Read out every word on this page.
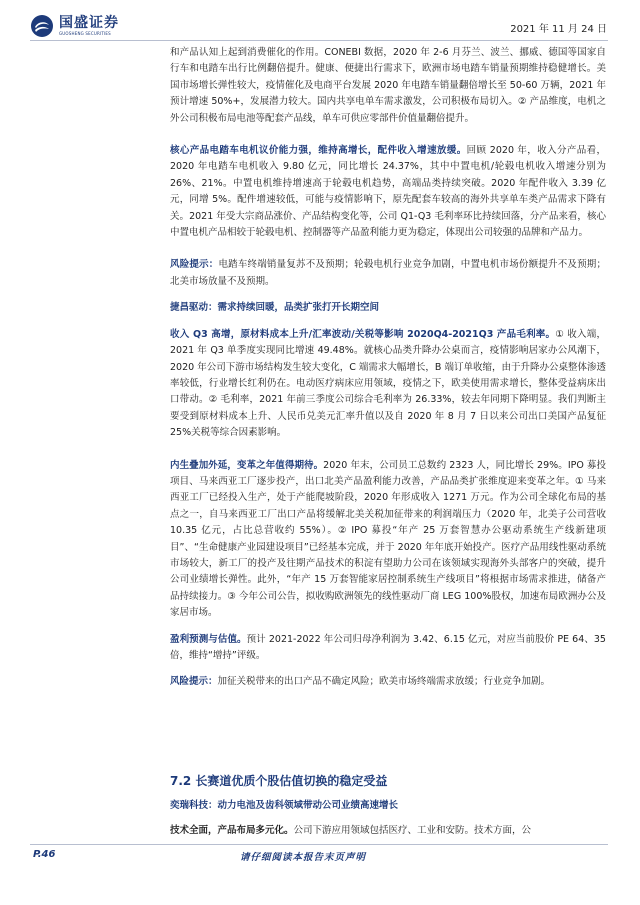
国盛证券
GUOSHENG SECURITIES	2021 年 11 月 24 日

和产品认知上起到消费催化的作用。CONEBI 数据，2020 年 2-6 月芬兰、波兰、挪威、德国等国家自行车和电踏车出行比例翻倍提升。健康、便捷出行需求下，欧洲市场电踏车销量预期维持稳健增长。美国市场增长弹性较大，疫情催化及电商平台发展 2020 年电踏车销量翻倍增长至 50-60 万辆，2021 年预计增速 50%+，发展潜力较大。国内共享电单车需求激发，公司积极布局切入。② 产品维度，电机之外公司积极布局电池等配套产品线，单车可供应零部件价值量翻倍提升。

核心产品电踏车电机议价能力强，维持高增长，配件收入增速放缓。回顾 2020 年，收入分产品看，2020 年电踏车电机收入 9.80 亿元，同比增长 24.37%，其中中置电机/轮毂电机收入增速分别为 26%、21%。中置电机维持增速高于轮毂电机趋势，高端品类持续突破。2020 年配件收入 3.39 亿元，同增 5%。配件增速较低，可能与疫情影响下，原先配套车较高的海外共享单车类产品需求下降有关。2021 年受大宗商品涨价、产品结构变化等，公司 Q1-Q3 毛利率环比持续回落，分产品来看，核心中置电机产品相较于轮毂电机、控制器等产品盈利能力更为稳定，体现出公司较强的品牌和产品力。

风险提示：电踏车终端销量复苏不及预期；轮毂电机行业竞争加剧，中置电机市场份额提升不及预期；北美市场放量不及预期。

捷昌驱动：需求持续回暖，品类扩张打开长期空间

收入 Q3 高增，原材料成本上升/汇率波动/关税等影响 2020Q4-2021Q3 产品毛利率。① 收入端，2021 年 Q3 单季度实现同比增速 49.48%。就核心品类升降办公桌而言，疫情影响居家办公风潮下，2020 年公司下游市场结构发生较大变化，C 端需求大幅增长，B 端订单收缩，由于升降办公桌整体渗透率较低，行业增长红利仍在。电动医疗病床应用领域，疫情之下，欧美使用需求增长，整体受益病床出口带动。② 毛利率，2021 年前三季度公司综合毛利率为 26.33%，较去年同期下降明显。我们判断主要受到原材料成本上升、人民币兑美元汇率升值以及自 2020 年 8 月 7 日以来公司出口美国产品复征 25%关税等综合因素影响。

内生叠加外延，变革之年值得期待。2020 年末，公司员工总数约 2323 人，同比增长 29%。IPO 募投项目、马来西亚工厂逐步投产，出口北美产品盈利能力改善，产品品类扩张维度迎来变革之年。① 马来西亚工厂已经投入生产，处于产能爬坡阶段，2020 年形成收入 1271 万元。作为公司全球化布局的基点之一，自马来西亚工厂出口产品将缓解北美关税加征带来的利润端压力（2020 年，北美子公司营收 10.35 亿元，占比总营收约 55%）。② IPO 募投“年产 25 万套智慧办公驱动系统生产线新建项目”、“生命健康产业园建设项目”已经基本完成，并于 2020 年年底开始投产。医疗产品用线性驱动系统市场较大，新工厂的投产及往期产品技术的积淀有望助力公司在该领域实现海外头部客户的突破，提升公司业绩增长弹性。此外，“年产 15 万套智能家居控制系统生产线项目”将根据市场需求推进，储备产品持续接力。③ 今年公司公告，拟收购欧洲领先的线性驱动厂商 LEG 100%股权，加速布局欧洲办公及家居市场。

盈利预测与估值。预计 2021-2022 年公司归母净利润为 3.42、6.15 亿元，对应当前股价 PE 64、35 倍，维持“增持”评级。

风险提示：加征关税带来的出口产品不确定风险；欧美市场终端需求放缓；行业竞争加剧。

7.2 长赛道优质个股估值切换的稳定受益
奕瑞科技：动力电池及齿科领域带动公司业绩高速增长
技术全面，产品布局多元化。公司下游应用领域包括医疗、工业和安防。技术方面，公
P.46	请仔细阅读本报告末页声明
